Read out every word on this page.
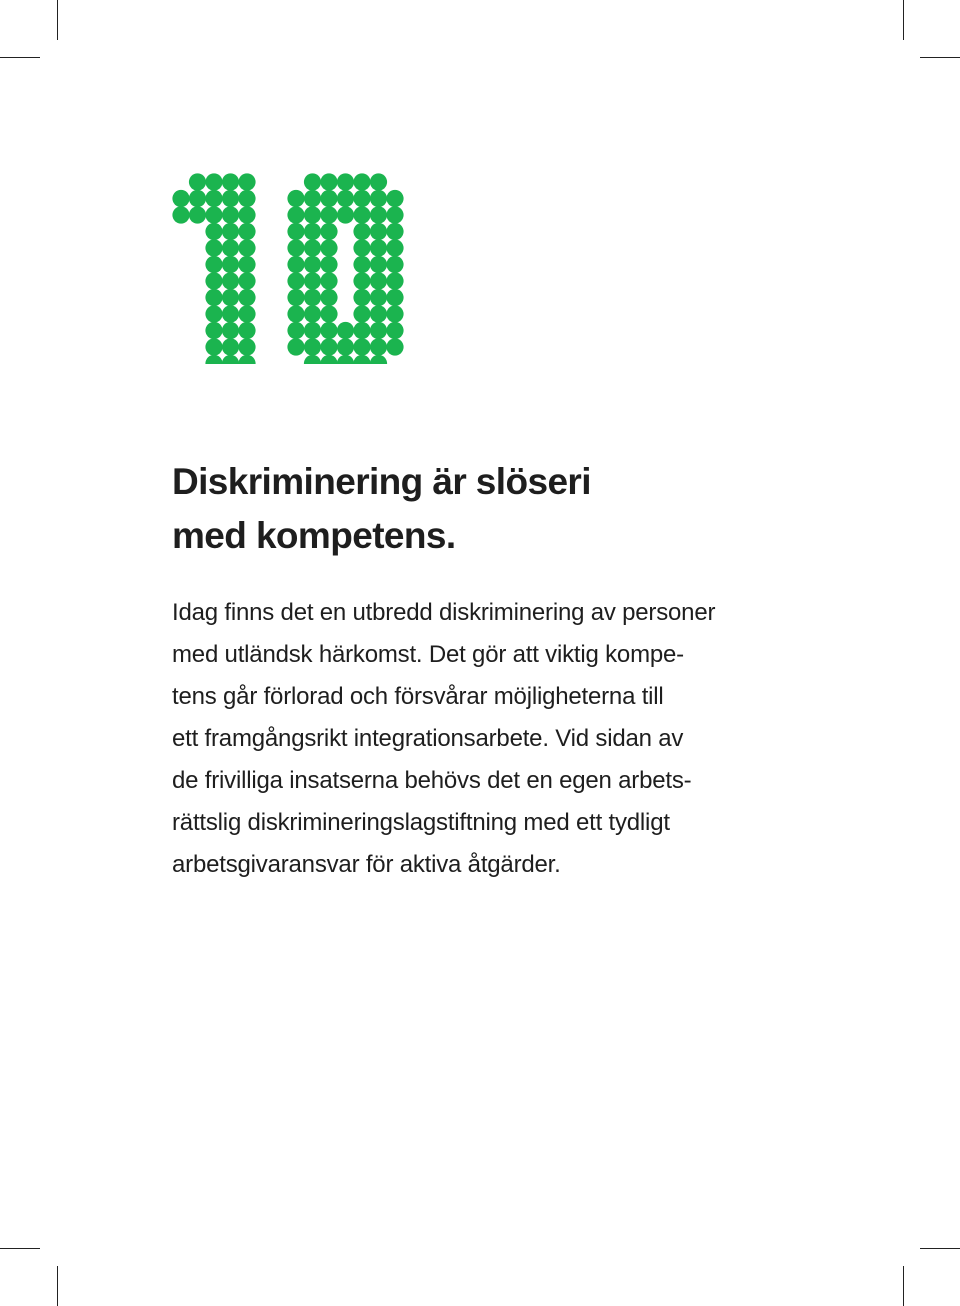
Diskriminering är slöseri
med kompetens.

Idag finns det en utbredd diskriminering av personer
med utländsk härkomst. Det gör att viktig kompe-
tens går förlorad och försvårar möjligheterna till
ett framgångsrikt integrationsarbete. Vid sidan av
de frivilliga insatserna behövs det en egen arbets-
rättslig diskrimineringslagstiftning med ett tydligt
arbetsgivaransvar för aktiva åtgärder.
